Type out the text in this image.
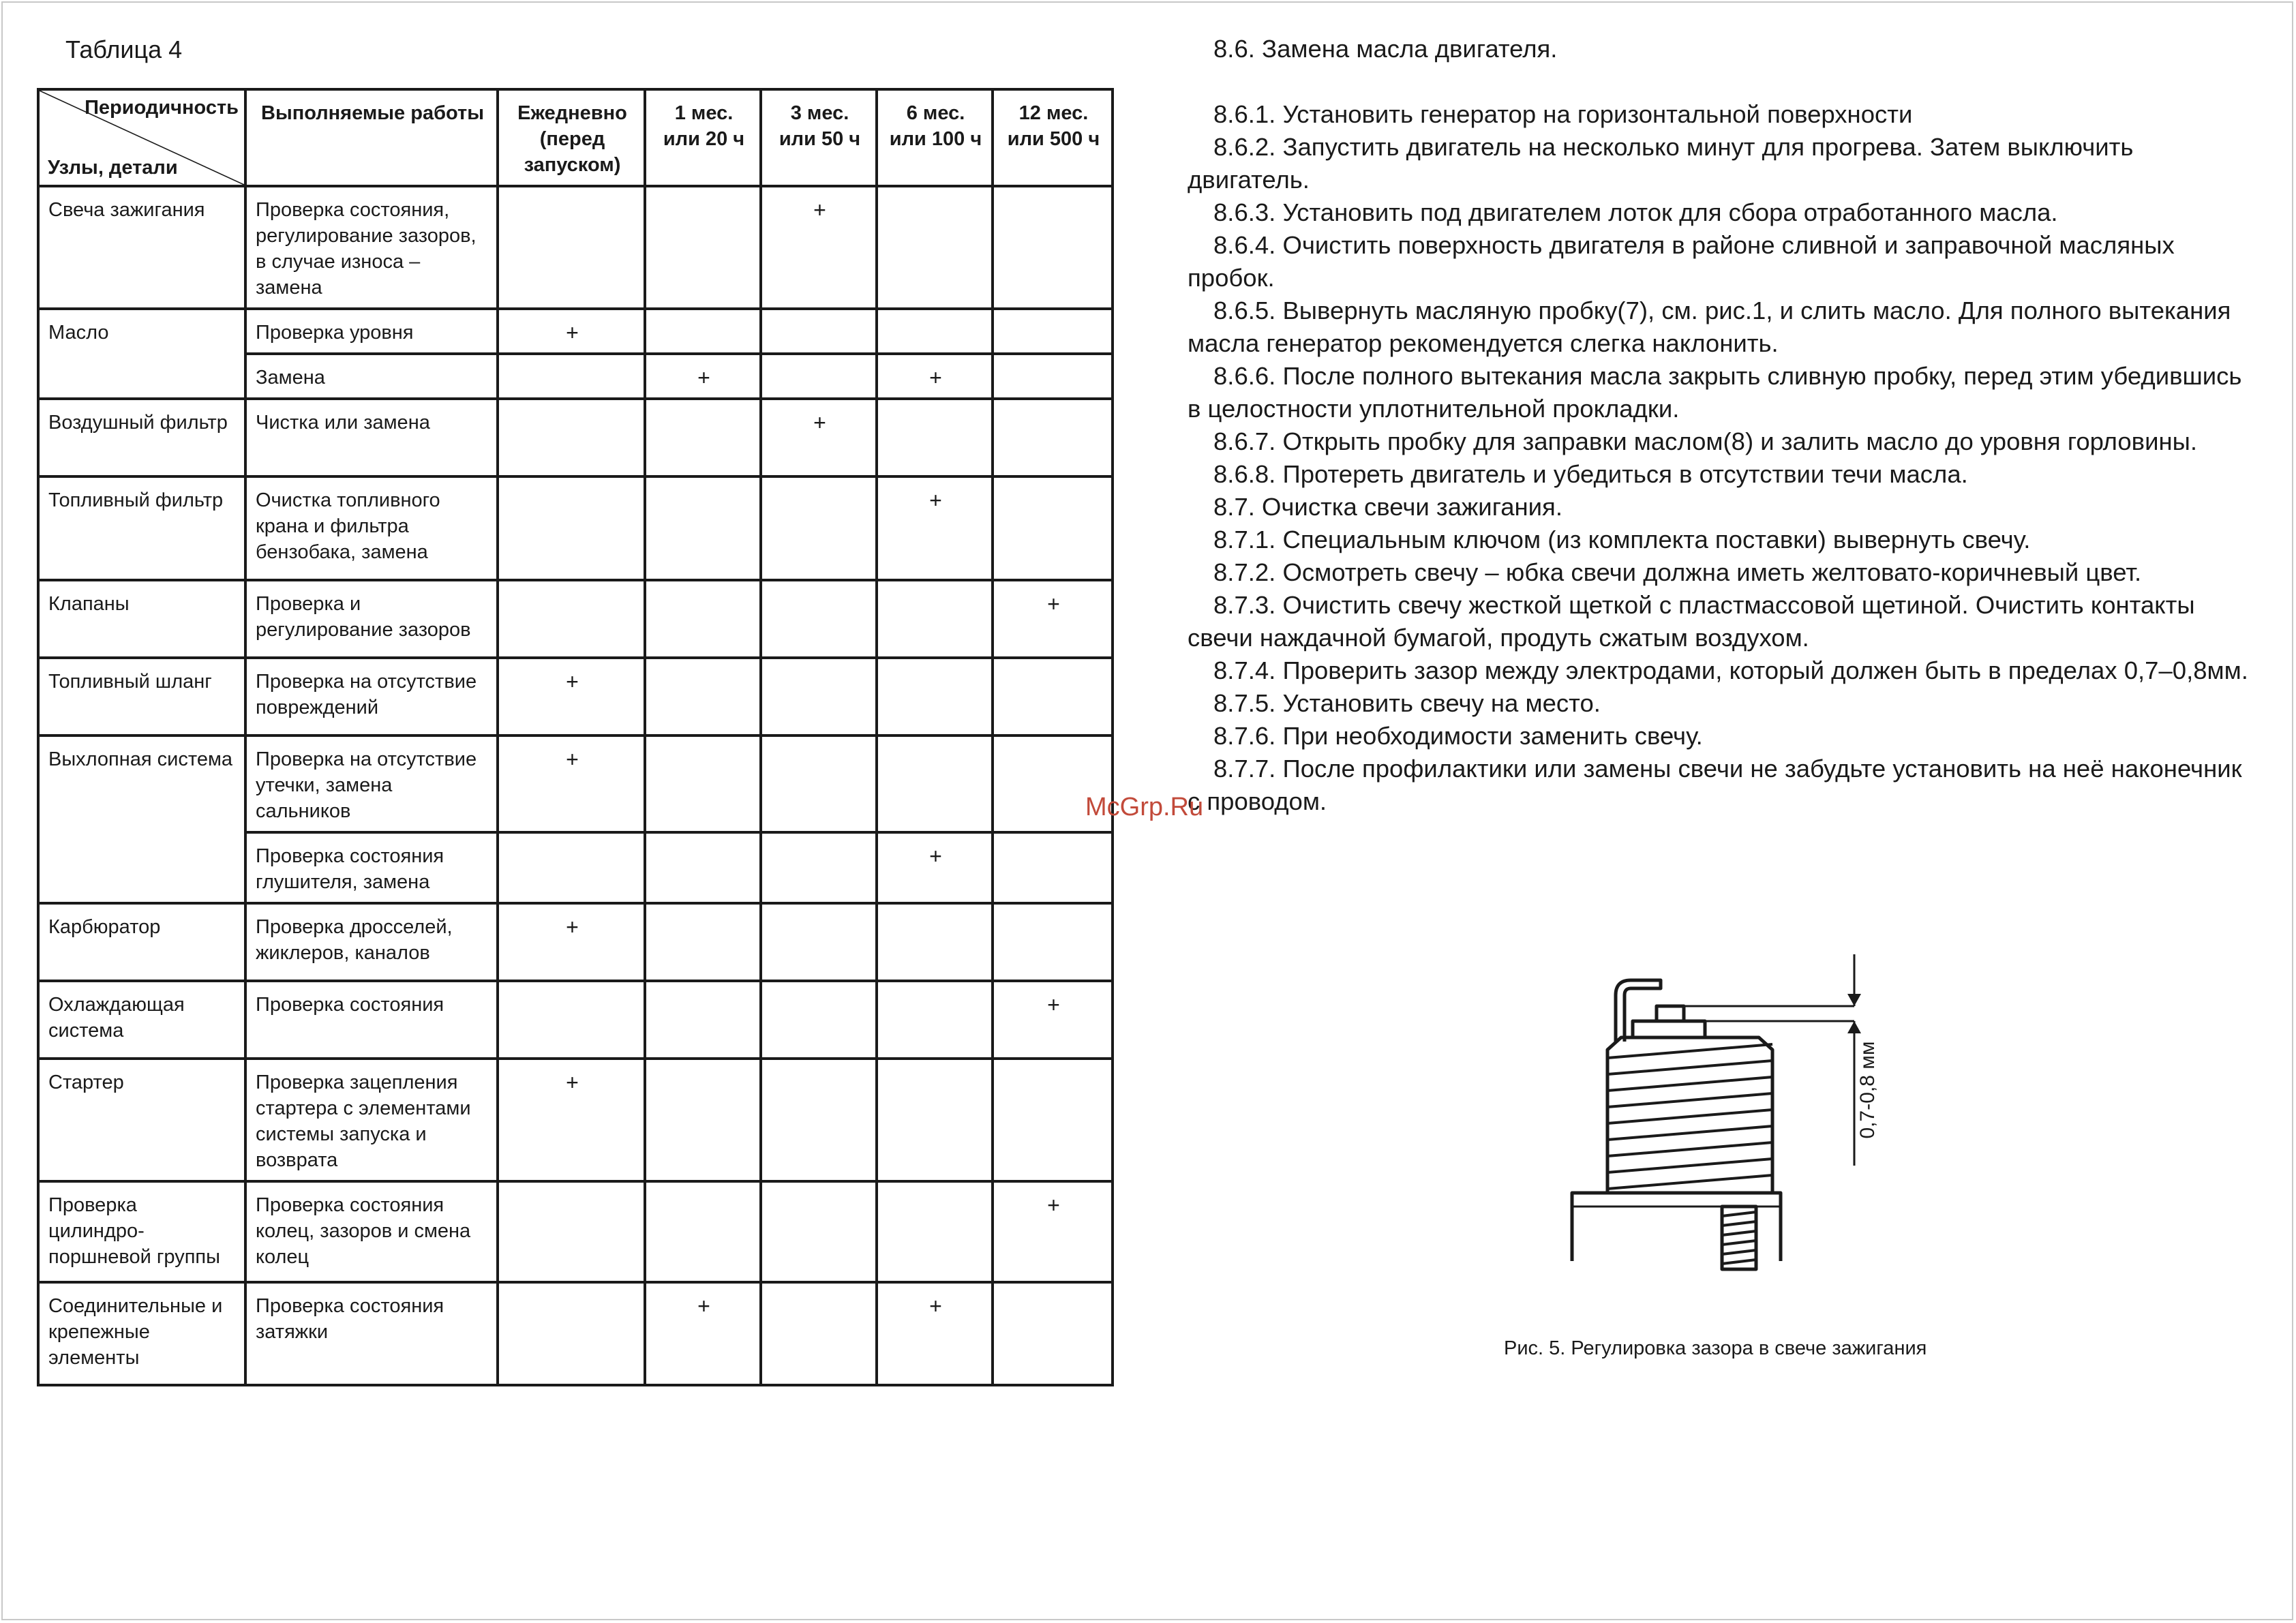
Таблица 4
Периодичность
Узлы, детали	Выполняемые работы	Ежедневно (перед запуском)	1 мес. или 20 ч	3 мес. или 50 ч	6 мес. или 100 ч	12 мес. или 500 ч
Свеча зажигания	Проверка состояния, регулирование зазоров, в случае износа – замена			+		
Масло	Проверка уровня	+				
	Замена		+		+	
Воздушный фильтр	Чистка или замена			+		
Топливный фильтр	Очистка топливного крана и фильтра бензобака, замена				+	
Клапаны	Проверка и регулирование зазоров					+
Топливный шланг	Проверка на отсутствие повреждений	+				
Выхлопная система	Проверка на отсутствие утечки, замена сальников	+				
	Проверка состояния глушителя, замена				+	
Карбюратор	Проверка дросселей, жиклеров, каналов	+				
Охлаждающая система	Проверка состояния					+
Стартер	Проверка зацепления стартера с элементами системы запуска и возврата	+				
Проверка цилиндро-поршневой группы	Проверка состояния колец, зазоров и смена колец					+
Соединительные и крепежные элементы	Проверка состояния затяжки		+		+	

8.6. Замена масла двигателя.

8.6.1. Установить генератор на горизонтальной поверхности

8.6.2. Запустить двигатель на несколько минут для прогрева. Затем выключить двигатель.

8.6.3. Установить под двигателем лоток для сбора отработанного масла.

8.6.4. Очистить поверхность двигателя в районе сливной и заправочной масляных пробок.

8.6.5. Вывернуть масляную пробку(7), см. рис.1, и слить масло. Для полного вытекания масла генератор рекомендуется слегка наклонить.

8.6.6. После полного вытекания масла закрыть сливную пробку, перед этим убедившись в целостности уплотнительной прокладки.

8.6.7. Открыть пробку для заправки маслом(8) и залить масло до уровня горловины.

8.6.8. Протереть двигатель и убедиться в отсутствии течи масла.

8.7. Очистка свечи зажигания.

8.7.1. Специальным ключом (из комплекта поставки) вывернуть свечу.

8.7.2. Осмотреть свечу – юбка свечи должна иметь желтовато-коричневый цвет.

8.7.3. Очистить свечу жесткой щеткой с пластмассовой щетиной. Очистить контакты свечи наждачной бумагой, продуть сжатым воздухом.

8.7.4. Проверить зазор между электродами, который должен быть в пределах 0,7–0,8мм.

8.7.5. Установить свечу на место.

8.7.6. При необходимости заменить свечу.

8.7.7. После профилактики или замены свечи не забудьте установить на неё наконечник с проводом.

McGrp.Ru
0,7-0,8 мм
Рис. 5. Регулировка зазора в свече зажигания
